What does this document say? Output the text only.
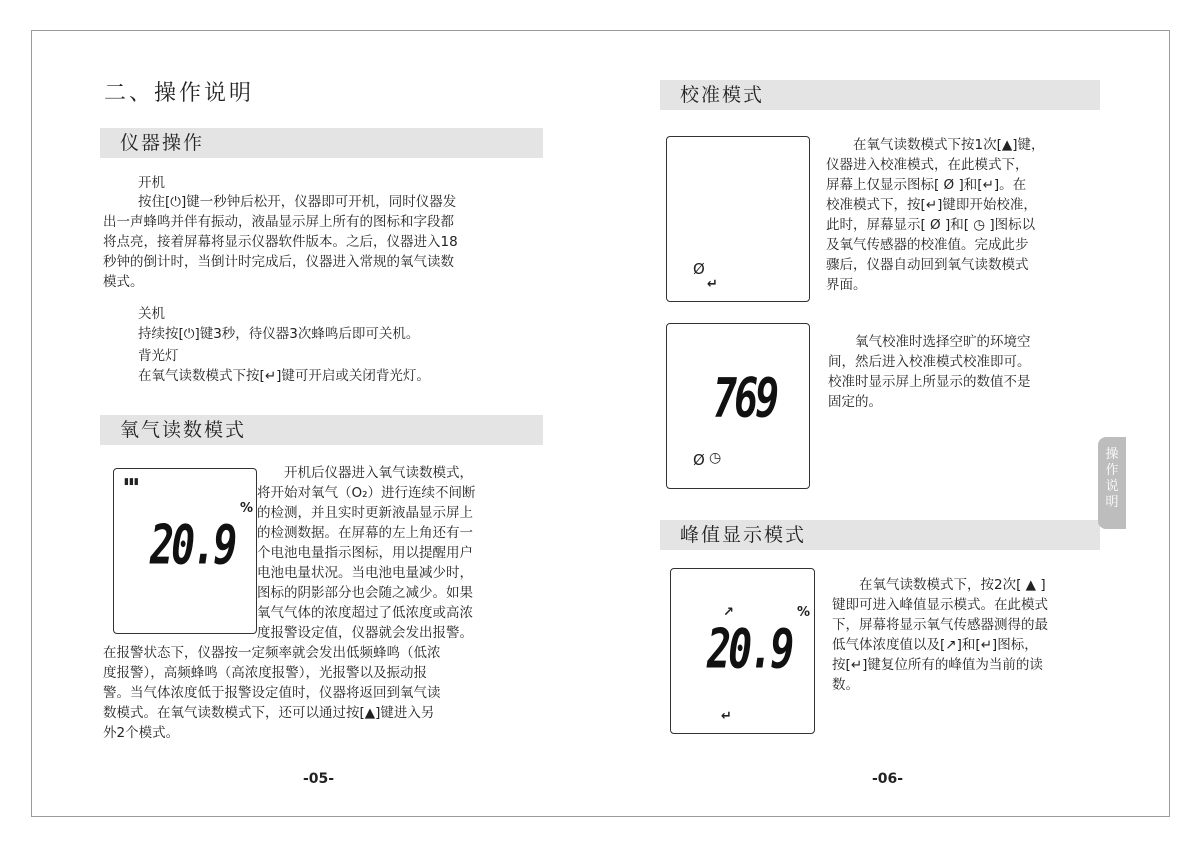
二、操作说明
仪器操作
开机
按住[⏻]键一秒钟后松开，仪器即可开机，同时仪器发
出一声蜂鸣并伴有振动，液晶显示屏上所有的图标和字段都
将点亮，接着屏幕将显示仪器软件版本。之后，仪器进入18
秒钟的倒计时，当倒计时完成后，仪器进入常规的氧气读数
模式。
关机
持续按[⏻]键3秒，待仪器3次蜂鸣后即可关机。
背光灯
在氧气读数模式下按[↵]键可开启或关闭背光灯。
氧气读数模式
▮▮▮
%
20.9
　　开机后仪器进入氧气读数模式，
将开始对氧气（O₂）进行连续不间断
的检测，并且实时更新液晶显示屏上
的检测数据。在屏幕的左上角还有一
个电池电量指示图标，用以提醒用户
电池电量状况。当电池电量减少时，
图标的阴影部分也会随之减少。如果
氧气气体的浓度超过了低浓度或高浓
度报警设定值，仪器就会发出报警。
在报警状态下，仪器按一定频率就会发出低频蜂鸣（低浓
度报警），高频蜂鸣（高浓度报警），光报警以及振动报
警。当气体浓度低于报警设定值时，仪器将返回到氧气读
数模式。在氧气读数模式下，还可以通过按[▲]键进入另
外2个模式。
-05-
校准模式
Ø
↵
　　在氧气读数模式下按1次[▲]键，
仪器进入校准模式，在此模式下，
屏幕上仅显示图标[ Ø ]和[↵]。在
校准模式下，按[↵]键即开始校准，
此时，屏幕显示[ Ø ]和[ ◷ ]图标以
及氧气传感器的校准值。完成此步
骤后，仪器自动回到氧气读数模式
界面。
769
Ø ◷
　　氧气校准时选择空旷的环境空
间，然后进入校准模式校准即可。
校准时显示屏上所显示的数值不是
固定的。
峰值显示模式
↗	%
20.9
↵
　　在氧气读数模式下，按2次[ ▲ ]
键即可进入峰值显示模式。在此模式
下，屏幕将显示氧气传感器测得的最
低气体浓度值以及[↗]和[↵]图标，
按[↵]键复位所有的峰值为当前的读
数。
-06-
操
作
说
明
